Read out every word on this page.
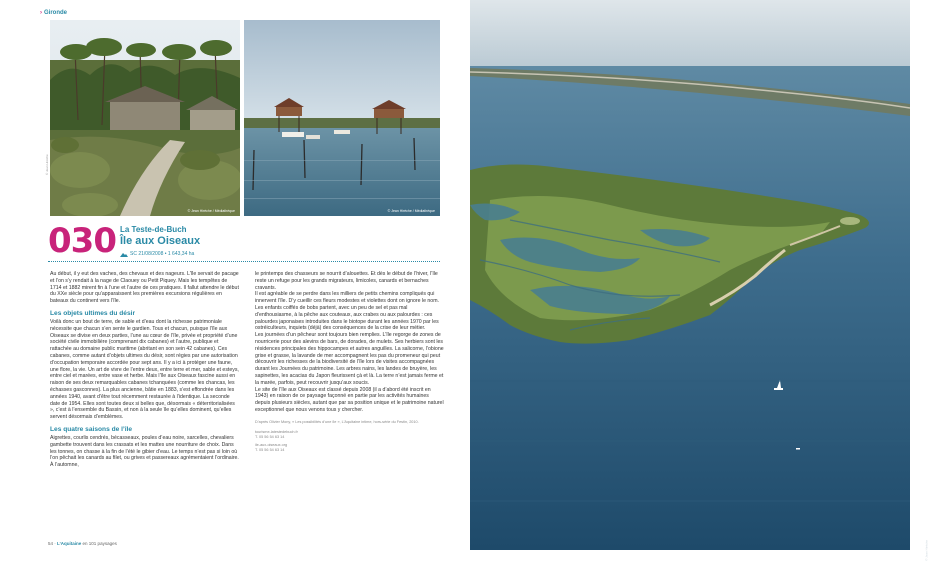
› Gironde
© Jean Hirèche
© Jean Hirèche / Médiathèque	© Jean Hirèche / Médiathèque
030 La Teste-de-Buch
Île aux Oiseaux
SC 21/08/2008 • 1 643,34 ha

Au début, il y eut des vaches, des chevaux et des nageurs. L’île servait de pacage et l’on s’y rendait à la nage de Claouey ou Petit Piquey. Mais les tempêtes de 1714 et 1882 mirent fin à l’une et l’autre de ces pratiques. Il fallut attendre le début du XXe siècle pour qu’apparaissent les premières excursions régulières en bateaux du continent vers l’île.

Les objets ultimes du désir

Voilà donc un bout de terre, de sable et d’eau dont la richesse patrimoniale nécessite que chacun s’en sente le gardien. Tous et chacun, puisque l’île aux Oiseaux se divise en deux parties, l’une au cœur de l’île, privée et propriété d’une société civile immobilière (comprenant dix cabanes) et l’autre, publique et rattachée au domaine public maritime (abritant en son sein 42 cabanes). Ces cabanes, comme autant d’objets ultimes du désir, sont régies par une autorisation d’occupation temporaire accordée pour sept ans. Il y a ici à protéger une faune, une flore, la vie. Un art de vivre de l’entre deux, entre terre et mer, sable et esteys, entre ciel et marées, entre vase et herbe. Mais l’île aux Oiseaux fascine aussi en raison de ses deux remarquables cabanes tchanquées (comme les chancas, les échasses gasconnes). La plus ancienne, bâtie en 1883, s’est effondrée dans les années 1940, avant d’être tout récemment restaurée à l’identique. La seconde date de 1954. Elles sont toutes deux si belles que, désormais « déterritorialisées », c’est à l’ensemble du Bassin, et non à la seule île qu’elles dominent, qu’elles servent désormais d’emblèmes.

Les quatre saisons de l’île

Aigrettes, courlis cendrés, bécasseaux, poules d’eau noire, sarcelles, chevaliers gambette trouvent dans les crassats et les mattes une nourriture de choix. Dans les tonnes, on chasse à la fin de l’été le gibier d’eau. Le temps n’est pas si loin où l’on pêchait les canards au filet, ou grives et passereaux agrémentaient l’ordinaire. À l’automne,

54 · L’Aquitaine en 101 paysages

le printemps des chasseurs se nourrit d’alouettes. Et dès le début de l’hiver, l’île reste un refuge pour les grands migrateurs, limicoles, canards et bernaches cravants.

Il est agréable de se perdre dans les milliers de petits chemins compliqués qui innervent l’île. D’y cueillir ces fleurs modestes et violettes dont on ignore le nom. Les enfants coiffés de bobs partent, avec un peu de sel et pas mal d’enthousiasme, à la pêche aux couteaux, aux crabes ou aux palourdes : ces palourdes japonaises introduites dans le biotope durant les années 1970 par les ostréiculteurs, inquiets (déjà) des conséquences de la crise de leur métier.

Les journées d’un pêcheur sont toujours bien remplies. L’île regorge de zones de nourricerie pour des alevins de bars, de dorades, de mulets. Ses herbiers sont les résidences principales des hippocampes et autres anguilles. La salicorne, l’obione grise et grasse, la lavande de mer accompagnent les pas du promeneur qui peut découvrir les richesses de la biodiversité de l’île lors de visites accompagnées durant les Journées du patrimoine. Les arbres nains, les landes de bruyère, les sapinettes, les acacias du Japon fleurissent çà et là. La terre n’est jamais ferme et la marée, parfois, peut recouvrir jusqu’aux soucis.

Le site de l’île aux Oiseaux est classé depuis 2008 (il a d’abord été inscrit en 1943) en raison de ce paysage façonné en partie par les activités humaines depuis plusieurs siècles, autant que par sa position unique et le patrimoine naturel exceptionnel que nous venons tous y chercher.

D’après Olivier Mony, « Les possibilités d’une île », L’Aquitaine intime, hors-série du Festin, 2010.
tourisme-latestedebuch.fr
T. 05 56 54 63 14
ile-aux-oiseaux.org
T. 05 56 54 63 14
© Jean Hirèche
